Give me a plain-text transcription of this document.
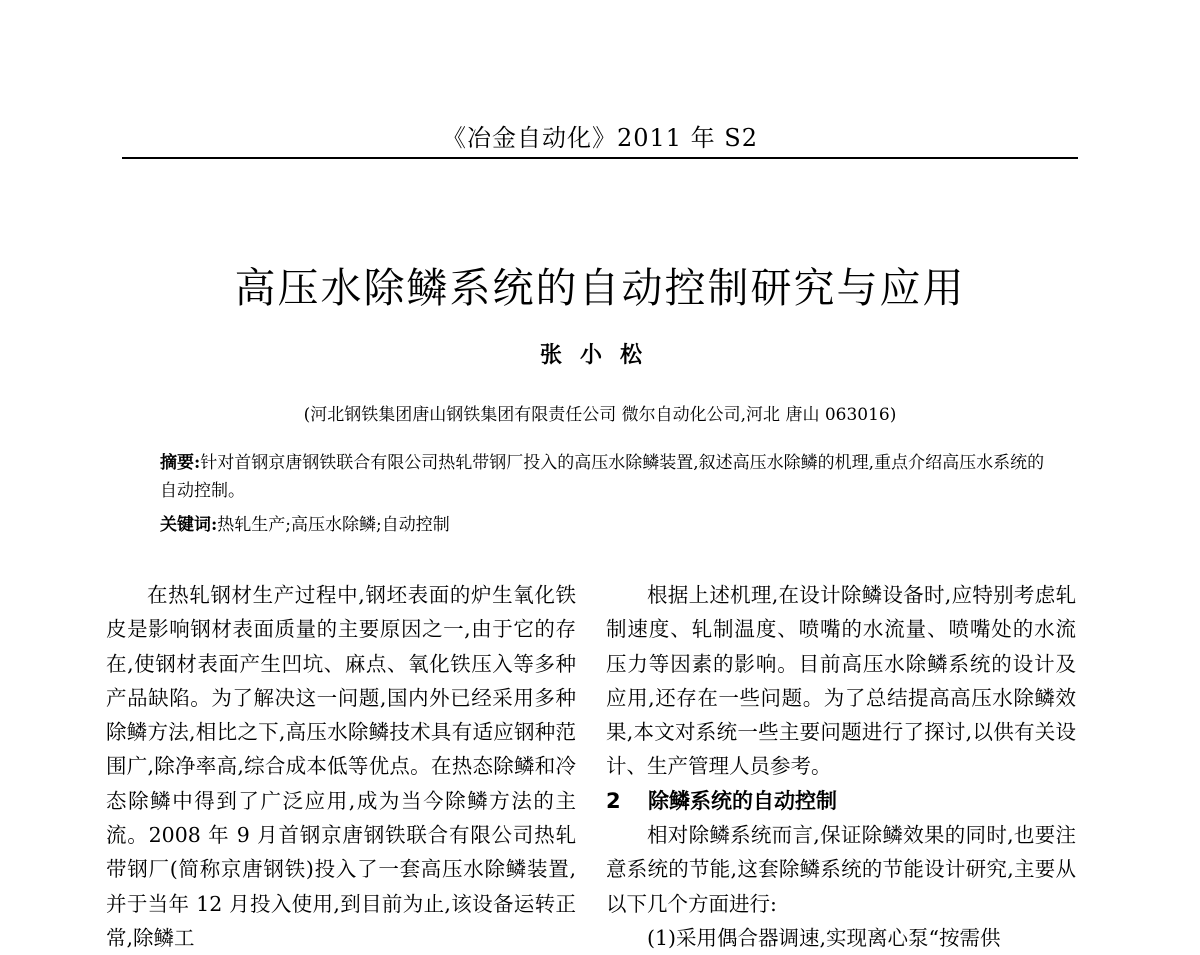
《冶金自动化》2011 年 S2
高压水除鳞系统的自动控制研究与应用
张小松
(河北钢铁集团唐山钢铁集团有限责任公司 微尔自动化公司,河北 唐山 063016)
摘要:针对首钢京唐钢铁联合有限公司热轧带钢厂投入的高压水除鳞装置,叙述高压水除鳞的机理,重点介绍高压水系统的自动控制。
关键词:热轧生产;高压水除鳞;自动控制

在热轧钢材生产过程中,钢坯表面的炉生氧化铁皮是影响钢材表面质量的主要原因之一,由于它的存在,使钢材表面产生凹坑、麻点、氧化铁压入等多种产品缺陷。为了解决这一问题,国内外已经采用多种除鳞方法,相比之下,高压水除鳞技术具有适应钢种范围广,除净率高,综合成本低等优点。在热态除鳞和冷态除鳞中得到了广泛应用,成为当今除鳞方法的主流。2008 年 9 月首钢京唐钢铁联合有限公司热轧带钢厂(简称京唐钢铁)投入了一套高压水除鳞装置,并于当年 12 月投入使用,到目前为止,该设备运转正常,除鳞工

根据上述机理,在设计除鳞设备时,应特别考虑轧制速度、轧制温度、喷嘴的水流量、喷嘴处的水流压力等因素的影响。目前高压水除鳞系统的设计及应用,还存在一些问题。为了总结提高高压水除鳞效果,本文对系统一些主要问题进行了探讨,以供有关设计、生产管理人员参考。

2 除鳞系统的自动控制

相对除鳞系统而言,保证除鳞效果的同时,也要注意系统的节能,这套除鳞系统的节能设计研究,主要从以下几个方面进行:

(1)采用偶合器调速,实现离心泵“按需供
